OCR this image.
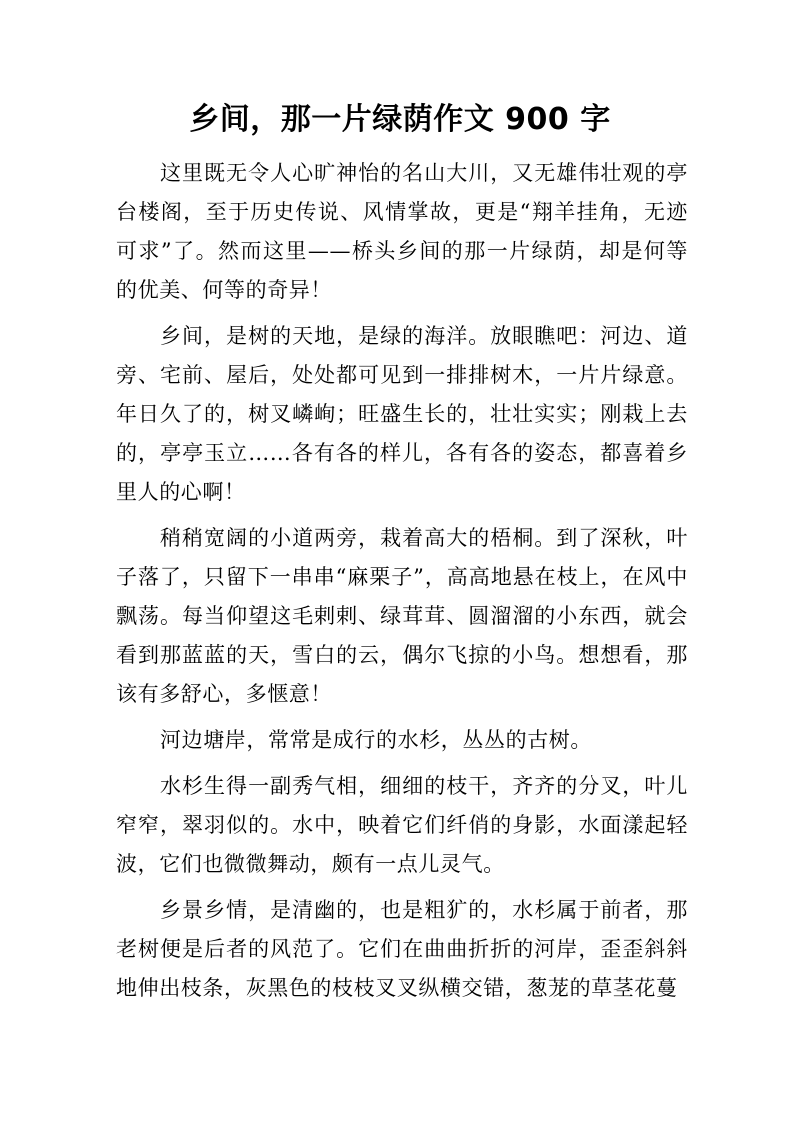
乡间，那一片绿荫作文 900 字

这里既无令人心旷神怡的名山大川，又无雄伟壮观的亭台楼阁，至于历史传说、风情掌故，更是“翔羊挂角，无迹可求”了。然而这里——桥头乡间的那一片绿荫，却是何等的优美、何等的奇异！

乡间，是树的天地，是绿的海洋。放眼瞧吧：河边、道旁、宅前、屋后，处处都可见到一排排树木，一片片绿意。年日久了的，树叉嶙峋；旺盛生长的，壮壮实实；刚栽上去的，亭亭玉立……各有各的样儿，各有各的姿态，都喜着乡里人的心啊！

稍稍宽阔的小道两旁，栽着高大的梧桐。到了深秋，叶子落了，只留下一串串“麻栗子”，高高地悬在枝上，在风中飘荡。每当仰望这毛剌剌、绿茸茸、圆溜溜的小东西，就会看到那蓝蓝的天，雪白的云，偶尔飞掠的小鸟。想想看，那该有多舒心，多惬意！

河边塘岸，常常是成行的水杉，丛丛的古树。

水杉生得一副秀气相，细细的枝干，齐齐的分叉，叶儿窄窄，翠羽似的。水中，映着它们纤俏的身影，水面漾起轻波，它们也微微舞动，颇有一点儿灵气。

乡景乡情，是清幽的，也是粗犷的，水杉属于前者，那老树便是后者的风范了。它们在曲曲折折的河岸，歪歪斜斜地伸出枝条，灰黑色的枝枝叉叉纵横交错，葱茏的草茎花蔓
